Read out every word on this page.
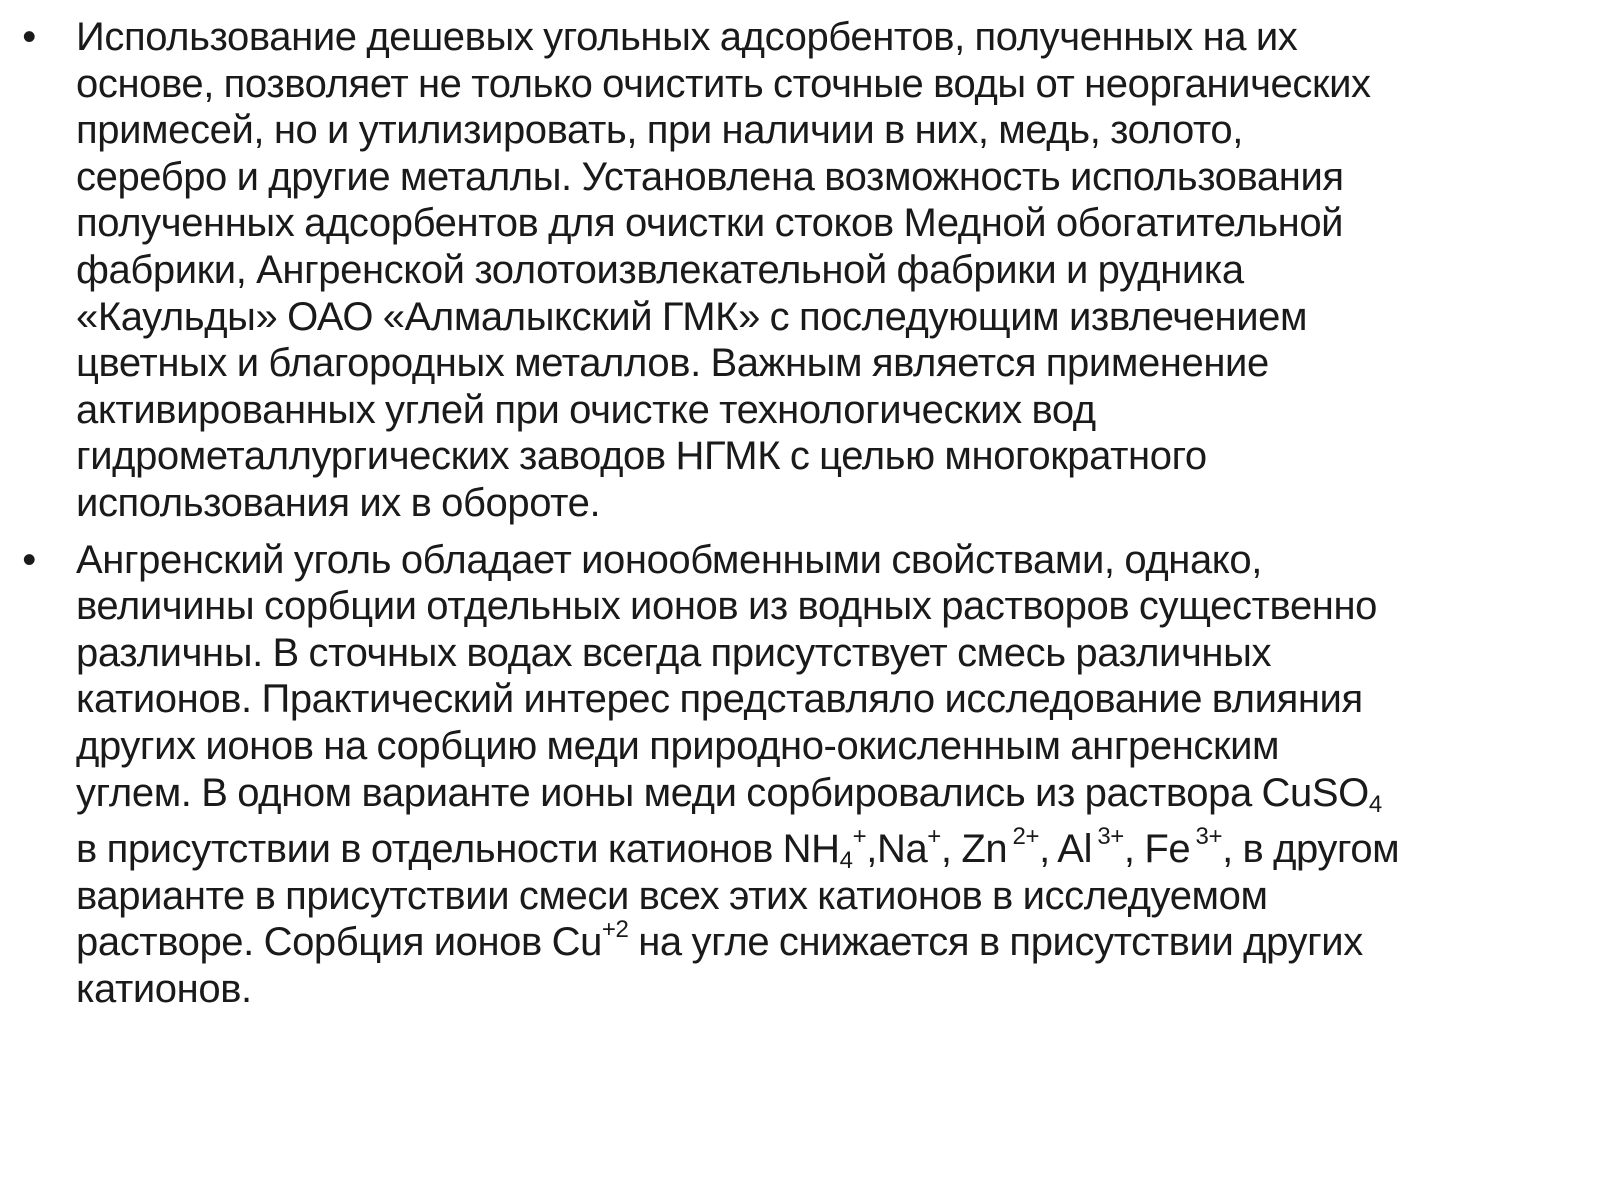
• Использование дешевых угольных адсорбентов, полученных на их
основе, позволяет не только очистить сточные воды от неорганических
примесей, но и утилизировать, при наличии в них, медь, золото,
серебро и другие металлы. Установлена возможность использования
полученных адсорбентов для очистки стоков Медной обогатительной
фабрики, Ангренской золотоизвлекательной фабрики и рудника
«Каульды» ОАО «Алмалыкский ГМК» с последующим извлечением
цветных и благородных металлов. Важным является применение
активированных углей при очистке технологических вод
гидрометаллургических заводов НГМК с целью многократного
использования их в обороте.
• Ангренский уголь обладает ионообменными свойствами, однако,
величины сорбции отдельных ионов из водных растворов существенно
различны. В сточных водах всегда присутствует смесь различных
катионов. Практический интерес представляло исследование влияния
других ионов на сорбцию меди природно-окисленным ангренским
углем. В одном варианте ионы меди сорбировались из раствора CuSO$_4$
в присутствии в отдельности катионов $NH_4^+,Na^+$, Zn $^{2+}$, Al $^{3+}$, Fe $^{3+}$, в другом
варианте в присутствии смеси всех этих катионов в исследуемом
растворе. Сорбция ионов $Cu^{+2}$ на угле снижается в присутствии других
катионов.
